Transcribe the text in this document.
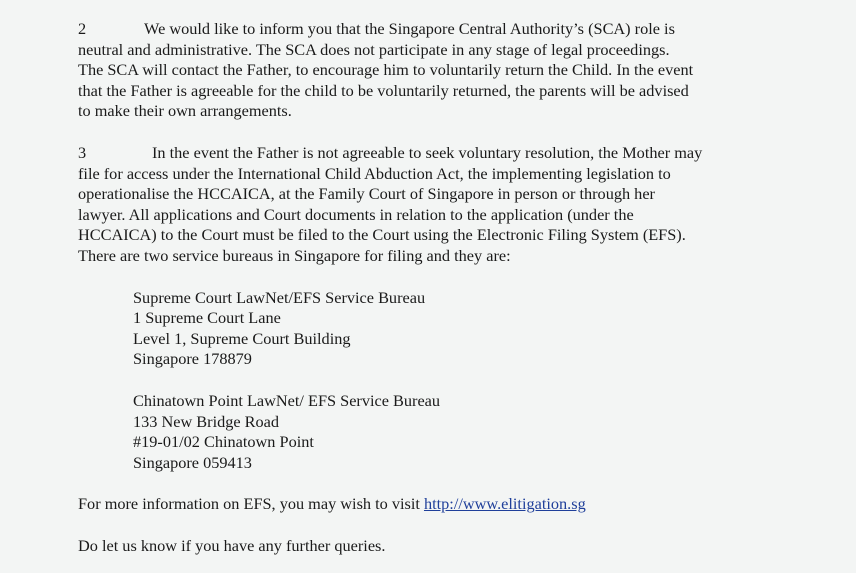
2	We would like to inform you that the Singapore Central Authority’s (SCA) role is
neutral and administrative. The SCA does not participate in any stage of legal proceedings.
The SCA will contact the Father, to encourage him to voluntarily return the Child. In the event
that the Father is agreeable for the child to be voluntarily returned, the parents will be advised
to make their own arrangements.
3	In the event the Father is not agreeable to seek voluntary resolution, the Mother may
file for access under the International Child Abduction Act, the implementing legislation to
operationalise the HCCAICA, at the Family Court of Singapore in person or through her
lawyer. All applications and Court documents in relation to the application (under the
HCCAICA) to the Court must be filed to the Court using the Electronic Filing System (EFS).
There are two service bureaus in Singapore for filing and they are:
Supreme Court LawNet/EFS Service Bureau
1 Supreme Court Lane
Level 1, Supreme Court Building
Singapore 178879
Chinatown Point LawNet/ EFS Service Bureau
133 New Bridge Road
#19-01/02 Chinatown Point
Singapore 059413
For more information on EFS, you may wish to visit http://www.elitigation.sg
Do let us know if you have any further queries.
